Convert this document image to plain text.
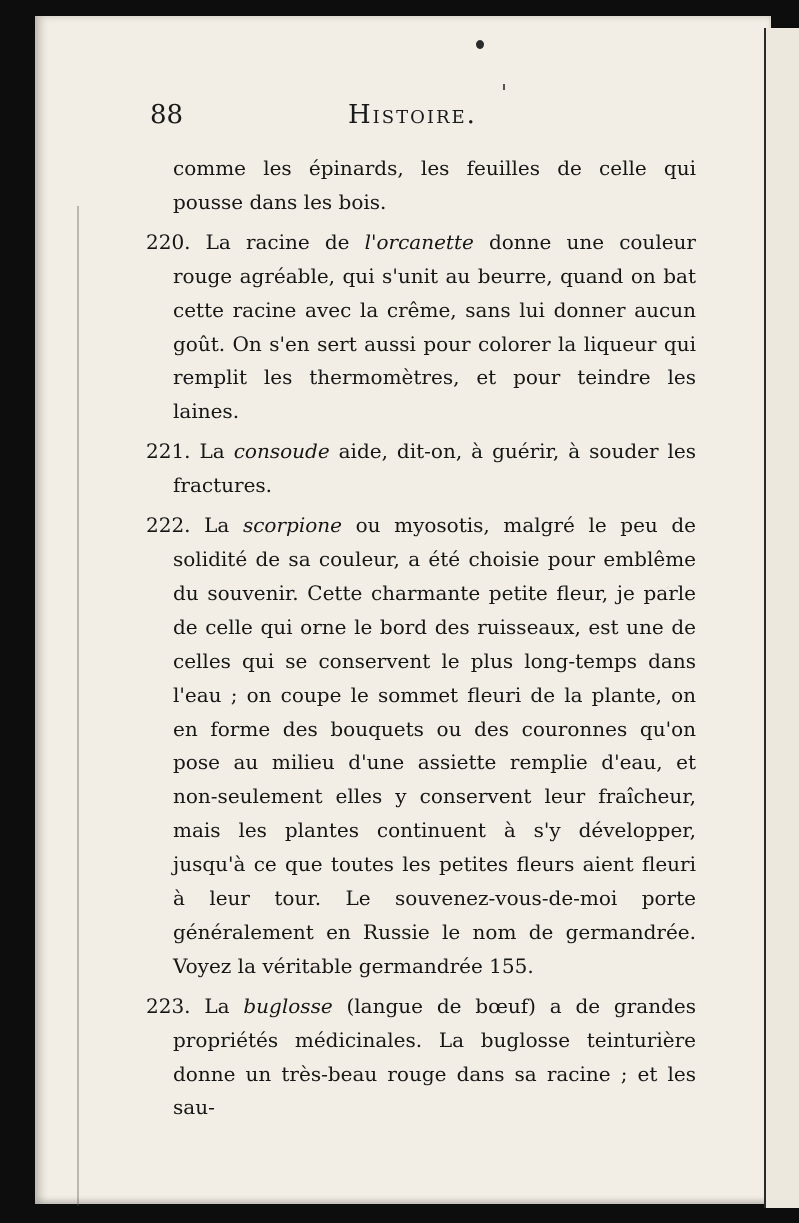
88	Histoire.

comme les épinards, les feuilles de celle qui pousse dans les bois.

220. La racine de l'orcanette donne une couleur rouge agréable, qui s'unit au beurre, quand on bat cette racine avec la crême, sans lui donner aucun goût. On s'en sert aussi pour colorer la liqueur qui remplit les thermomètres, et pour teindre les laines.

221. La consoude aide, dit-on, à guérir, à souder les fractures.

222. La scorpione ou myosotis, malgré le peu de solidité de sa couleur, a été choisie pour emblême du souvenir. Cette charmante petite fleur, je parle de celle qui orne le bord des ruisseaux, est une de celles qui se conservent le plus long-temps dans l'eau ; on coupe le sommet fleuri de la plante, on en forme des bouquets ou des couronnes qu'on pose au milieu d'une assiette remplie d'eau, et non-seulement elles y conservent leur fraîcheur, mais les plantes continuent à s'y développer, jusqu'à ce que toutes les petites fleurs aient fleuri à leur tour. Le souvenez-vous-de-moi porte généralement en Russie le nom de germandrée. Voyez la véritable germandrée 155.

223. La buglosse (langue de bœuf) a de grandes propriétés médicinales. La buglosse teinturière donne un très-beau rouge dans sa racine ; et les sau-
